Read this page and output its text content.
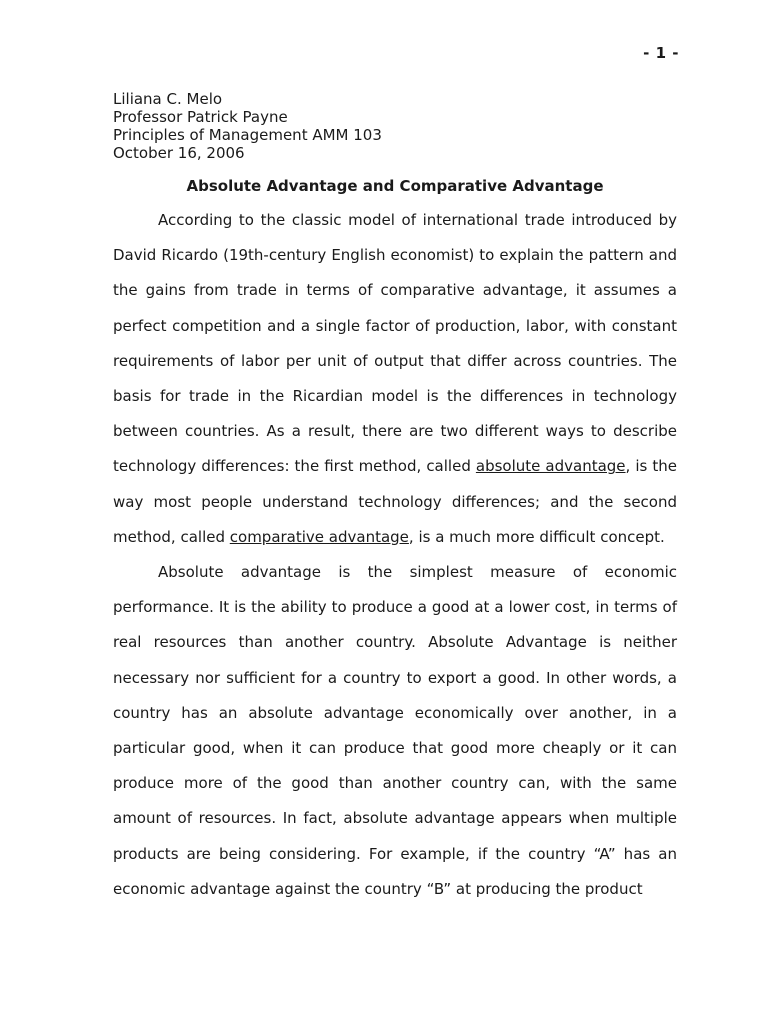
- 1 -
Liliana C. Melo
Professor Patrick Payne
Principles of Management AMM 103
October 16, 2006
Absolute Advantage and Comparative Advantage

According to the classic model of international trade introduced by David Ricardo (19th-century English economist) to explain the pattern and the gains from trade in terms of comparative advantage, it assumes a perfect competition and a single factor of production, labor, with constant requirements of labor per unit of output that differ across countries. The basis for trade in the Ricardian model is the differences in technology between countries. As a result, there are two different ways to describe technology differences: the first method, called absolute advantage, is the way most people understand technology differences; and the second method, called comparative advantage, is a much more difficult concept.

Absolute advantage is the simplest measure of economic performance. It is the ability to produce a good at a lower cost, in terms of real resources than another country. Absolute Advantage is neither necessary nor sufficient for a country to export a good. In other words, a country has an absolute advantage economically over another, in a particular good, when it can produce that good more cheaply or it can produce more of the good than another country can, with the same amount of resources. In fact, absolute advantage appears when multiple products are being considering. For example, if the country “A” has an economic advantage against the country “B” at producing the product
